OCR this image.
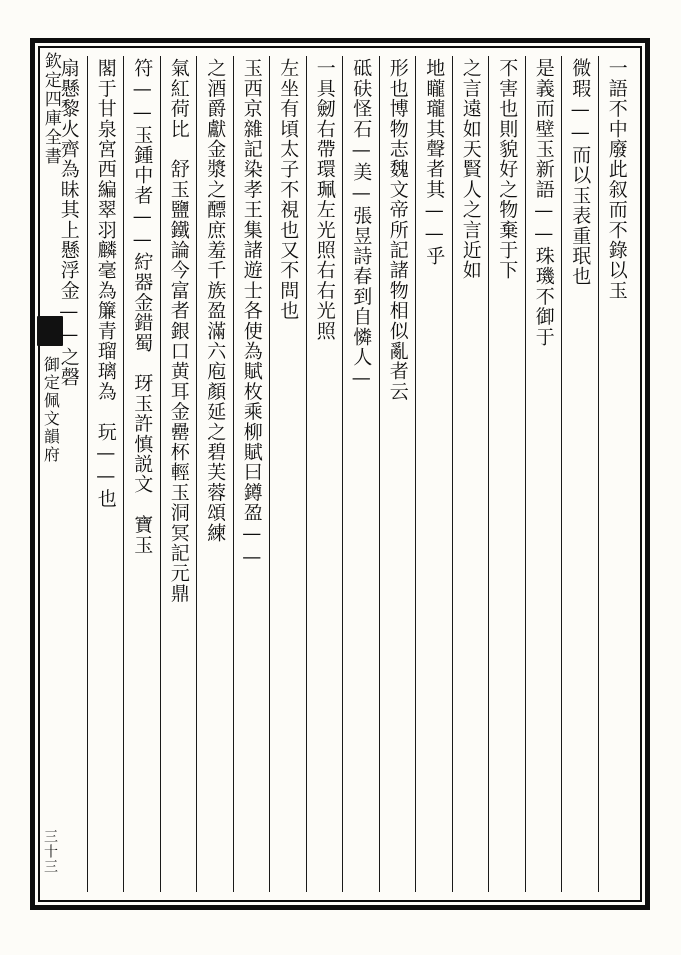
欽定四庫全書
御定佩文韻府
三十三
一語不中廢此叙而不錄以玉
微瑕——而以玉表重珉也
是義而壁玉新語——珠璣不御于
不害也則貌好之物棄于下
之言遠如天賢人之言近如
地矓瓏其聲者其——乎
形也博物志魏文帝所記諸物相似亂者云
砥砆怪石—美—張昱詩春到自憐人—
一具劒右帶環珮左光照右右光照
左坐有頃太子不視也又不問也
玉西京雜記染孝王集諸遊士各使為賦枚乘柳賦曰鐏盈——
之酒爵獻金漿之醥庶羞千族盈滿六庖顏延之碧芙蓉頌練
氣紅荷比　舒玉鹽鐵論今富者銀口黄耳金罍杯輕玉洞冥記元鼎
符——玉鍾中者——紵器金錯蜀　玡玉許慎説文　寶玉
閣于甘泉宮西編翠羽麟毫為簾青瑠璃為　玩——也
扇懸黎火齊為昧其上懸浮金——之磬
